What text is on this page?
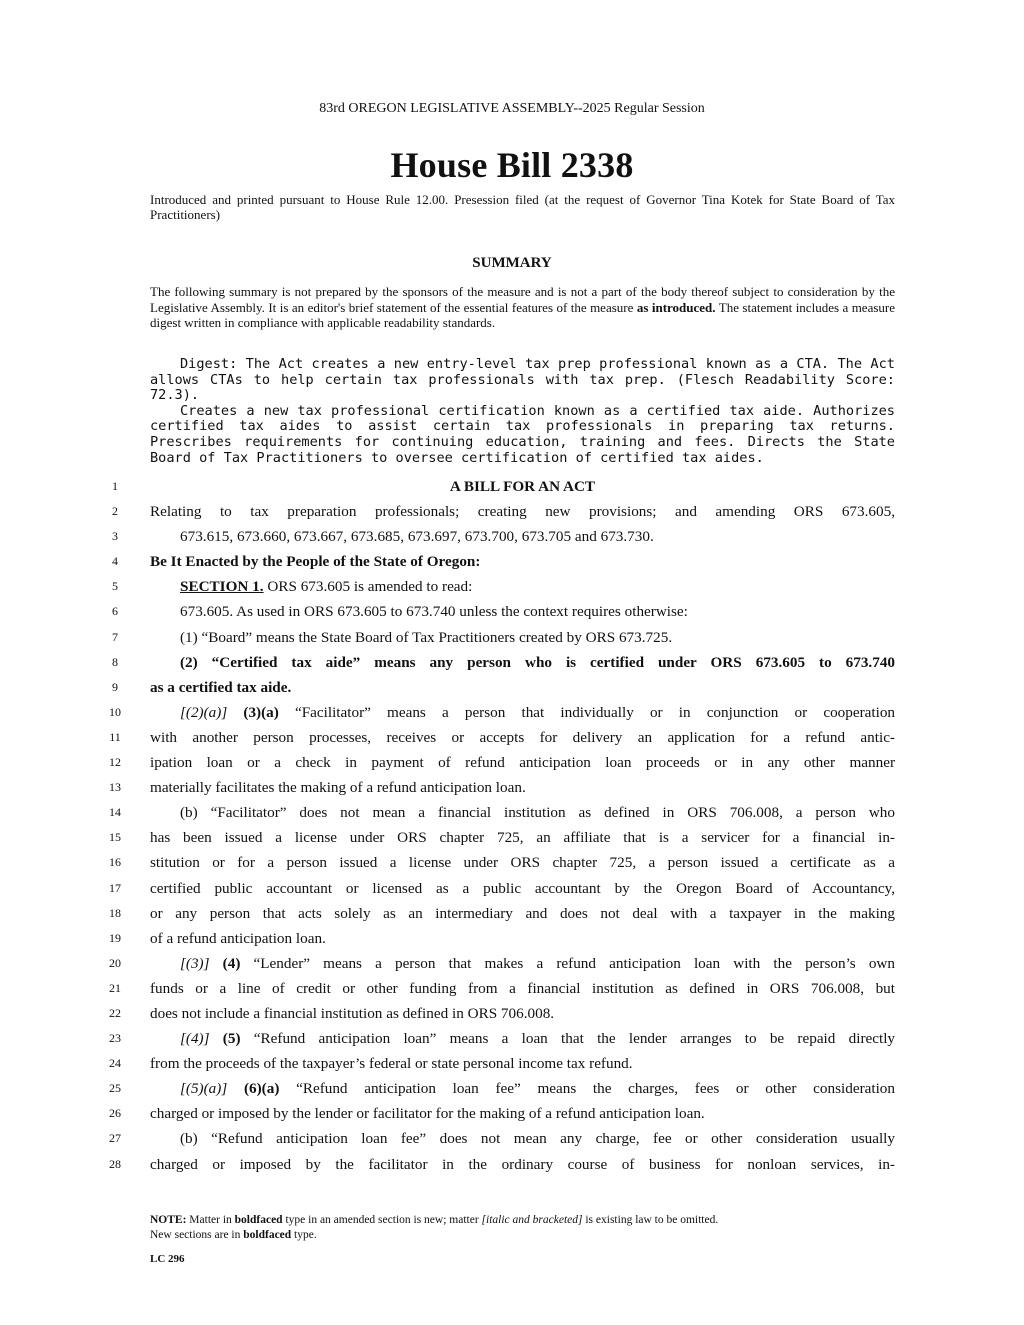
83rd OREGON LEGISLATIVE ASSEMBLY--2025 Regular Session
House Bill 2338
Introduced and printed pursuant to House Rule 12.00. Presession filed (at the request of Governor Tina Kotek for State Board of Tax Practitioners)
SUMMARY
The following summary is not prepared by the sponsors of the measure and is not a part of the body thereof subject to consideration by the Legislative Assembly. It is an editor's brief statement of the essential features of the measure as introduced. The statement includes a measure digest written in compliance with applicable readability standards.

Digest: The Act creates a new entry-level tax prep professional known as a CTA. The Act allows CTAs to help certain tax professionals with tax prep. (Flesch Readability Score: 72.3).

Creates a new tax professional certification known as a certified tax aide. Authorizes certified tax aides to assist certain tax professionals in preparing tax returns. Prescribes requirements for continuing education, training and fees. Directs the State Board of Tax Practitioners to oversee certification of certified tax aides.

1
2
3
4
5
6
7
8
9
10
11
12
13
14
15
16
17
18
19
20
21
22
23
24
25
26
27
28
A BILL FOR AN ACT
Relating to tax preparation professionals; creating new provisions; and amending ORS 673.605,
673.615, 673.660, 673.667, 673.685, 673.697, 673.700, 673.705 and 673.730.
Be It Enacted by the People of the State of Oregon:
SECTION 1. ORS 673.605 is amended to read:
673.605. As used in ORS 673.605 to 673.740 unless the context requires otherwise:
(1) “Board” means the State Board of Tax Practitioners created by ORS 673.725.
(2) “Certified tax aide” means any person who is certified under ORS 673.605 to 673.740
as a certified tax aide.
[(2)(a)] (3)(a) “Facilitator” means a person that individually or in conjunction or cooperation
with another person processes, receives or accepts for delivery an application for a refund antic-
ipation loan or a check in payment of refund anticipation loan proceeds or in any other manner
materially facilitates the making of a refund anticipation loan.
(b) “Facilitator” does not mean a financial institution as defined in ORS 706.008, a person who
has been issued a license under ORS chapter 725, an affiliate that is a servicer for a financial in-
stitution or for a person issued a license under ORS chapter 725, a person issued a certificate as a
certified public accountant or licensed as a public accountant by the Oregon Board of Accountancy,
or any person that acts solely as an intermediary and does not deal with a taxpayer in the making
of a refund anticipation loan.
[(3)] (4) “Lender” means a person that makes a refund anticipation loan with the person’s own
funds or a line of credit or other funding from a financial institution as defined in ORS 706.008, but
does not include a financial institution as defined in ORS 706.008.
[(4)] (5) “Refund anticipation loan” means a loan that the lender arranges to be repaid directly
from the proceeds of the taxpayer’s federal or state personal income tax refund.
[(5)(a)] (6)(a) “Refund anticipation loan fee” means the charges, fees or other consideration
charged or imposed by the lender or facilitator for the making of a refund anticipation loan.
(b) “Refund anticipation loan fee” does not mean any charge, fee or other consideration usually
charged or imposed by the facilitator in the ordinary course of business for nonloan services, in-
NOTE: Matter in boldfaced type in an amended section is new; matter [italic and bracketed] is existing law to be omitted.
New sections are in boldfaced type.
LC 296
